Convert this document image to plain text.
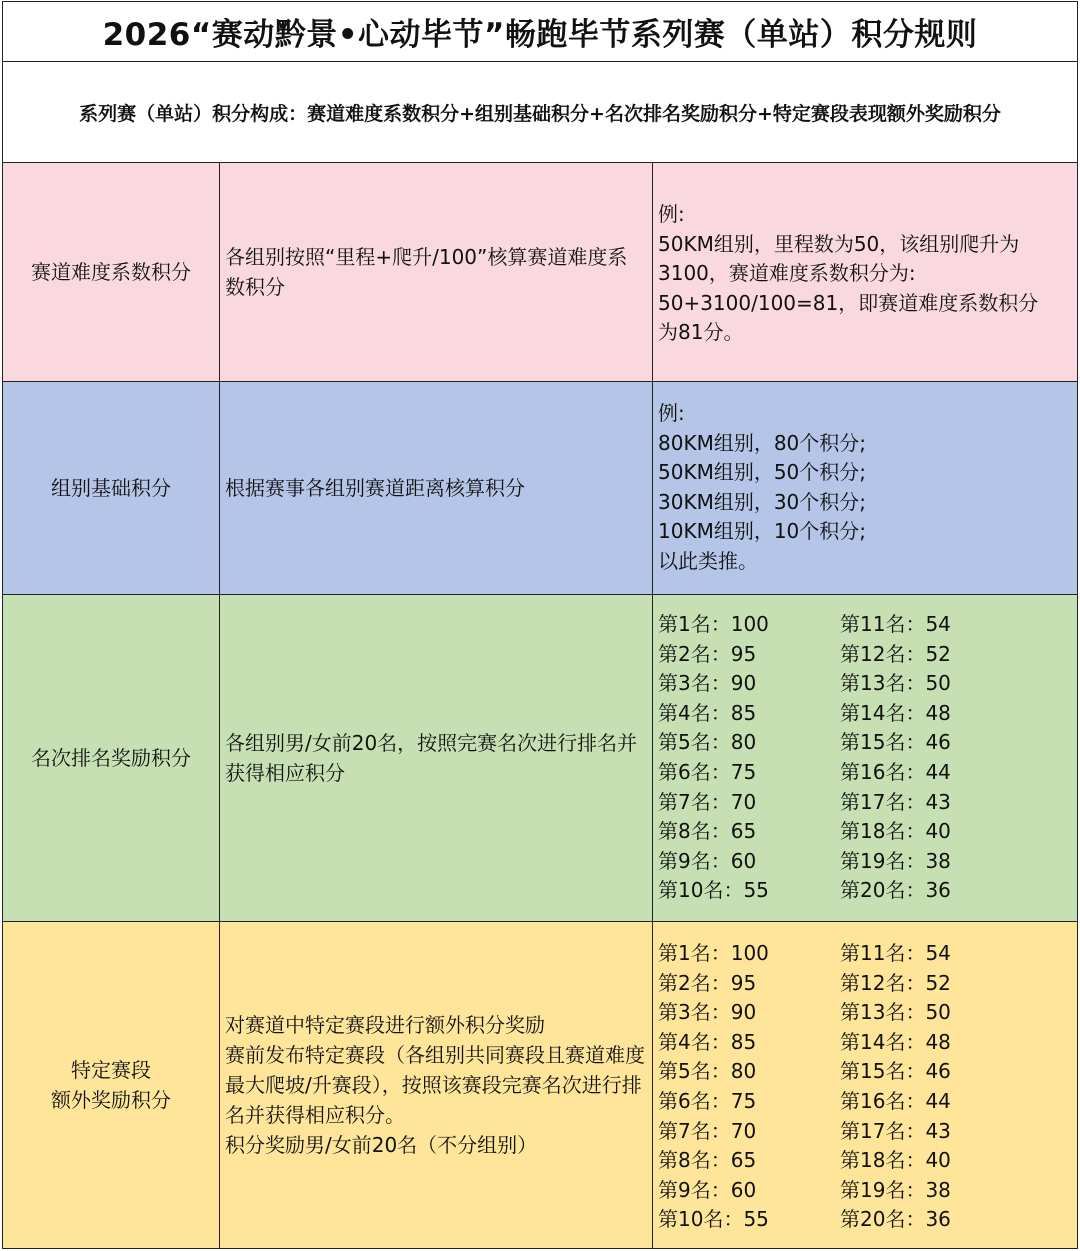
2026“赛动黔景•心动毕节”畅跑毕节系列赛（单站）积分规则
系列赛（单站）积分构成：赛道难度系数积分+组别基础积分+名次排名奖励积分+特定赛段表现额外奖励积分
赛道难度系数积分
各组别按照“里程+爬升/100”核算赛道难度系数积分
例:
50KM组别，里程数为50，该组别爬升为
3100，赛道难度系数积分为:
50+3100/100=81，即赛道难度系数积分
为81分。
组别基础积分	根据赛事各组别赛道距离核算积分
例:
80KM组别，80个积分;
50KM组别，50个积分;
30KM组别，30个积分;
10KM组别，10个积分;
以此类推。
名次排名奖励积分
各组别男/女前20名，按照完赛名次进行排名并获得相应积分
第1名：100
第2名：95
第3名：90
第4名：85
第5名：80
第6名：75
第7名：70
第8名：65
第9名：60
第10名：55
第11名：54
第12名：52
第13名：50
第14名：48
第15名：46
第16名：44
第17名：43
第18名：40
第19名：38
第20名：36
特定赛段
额外奖励积分
对赛道中特定赛段进行额外积分奖励
赛前发布特定赛段（各组别共同赛段且赛道难度最大爬坡/升赛段），按照该赛段完赛名次进行排名并获得相应积分。
积分奖励男/女前20名（不分组别）
第1名：100
第2名：95
第3名：90
第4名：85
第5名：80
第6名：75
第7名：70
第8名：65
第9名：60
第10名：55
第11名：54
第12名：52
第13名：50
第14名：48
第15名：46
第16名：44
第17名：43
第18名：40
第19名：38
第20名：36
